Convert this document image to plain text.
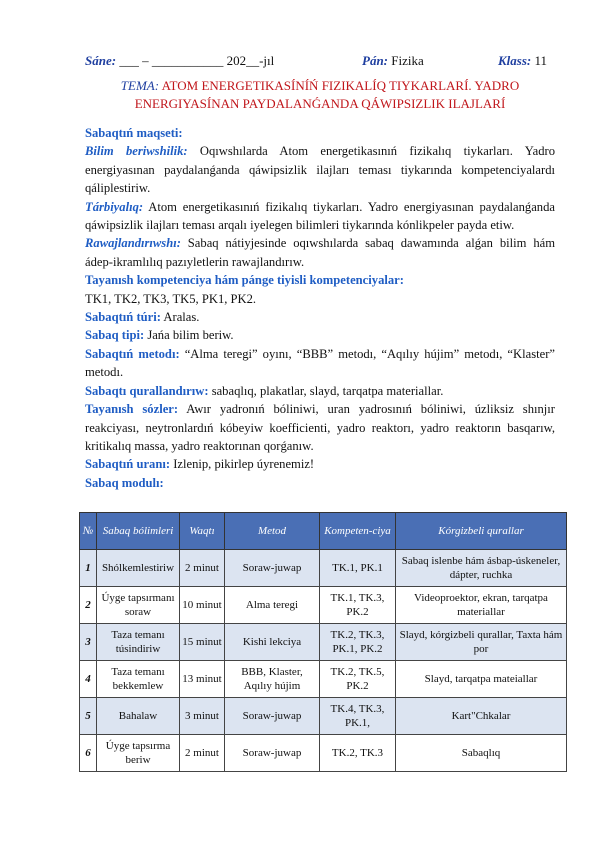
Sáne: ___ – ___________ 202__-jıl	Pán: Fizika	Klass: 11
TEMA: ATOM ENERGETIKASÍNÍŃ FIZIKALÍQ TIYKARLARÍ. YADRO ENERGIYASÍNAN PAYDALANǴANDA QÁWIPSIZLIK ILAJLARÍ

Sabaqtıń maqseti:

Bilim beriwshilik: Oqıwshılarda Atom energetikasınıń fizikalıq tiykarları. Yadro energiyasınan paydalanǵanda qáwipsizlik ilajları teması tiykarında kompetenciyalardı qáliplestiriw.

Tárbiyalıq: Atom energetikasınıń fizikalıq tiykarları. Yadro energiyasınan paydalanǵanda qáwipsizlik ilajları teması arqalı iyelegen bilimleri tiykarında kónlikpeler payda etiw.

Rawajlandırıwshı: Sabaq nátiyjesinde oqıwshılarda sabaq dawamında alǵan bilim hám ádep-ikramlılıq pazıyletlerin rawajlandırıw.

Tayanısh kompetenciya hám pánge tiyisli kompetenciyalar:

TK1, TK2, TK3, TK5, PK1, PK2.

Sabaqtıń túri: Aralas.

Sabaq tipi: Jańa bilim beriw.

Sabaqtıń metodı: “Alma teregi” oyını, “BBB” metodı, “Aqılıy hújim” metodı, “Klaster” metodı.

Sabaqtı qurallandırıw: sabaqlıq, plakatlar, slayd, tarqatpa materiallar.

Tayanısh sózler: Awır yadronıń bóliniwi, uran yadrosınıń bóliniwi, úzliksiz shınjır reakciyası, neytronlardıń kóbeyiw koefficienti, yadro reaktorı, yadro reaktorın basqarıw, kritikalıq massa, yadro reaktorınan qorǵanıw.

Sabaqtıń uranı: Izlenip, pikirlep úyrenemiz!

Sabaq modulı:

№	Sabaq bólimleri	Waqtı	Metod	Kompeten-ciya	Kórgizbeli qurallar
1	Shólkemlestiriw	2 minut	Soraw-juwap	TK.1, PK.1	Sabaq islenbe hám ásbap-úskeneler, dápter, ruchka
2	Úyge tapsırmanı soraw	10 minut	Alma teregi	TK.1, TK.3, PK.2	Videoproektor, ekran, tarqatpa materiallar
3	Taza temanı túsindiriw	15 minut	Kishi lekciya	TK.2, TK.3, PK.1, PK.2	Slayd, kórgizbeli qurallar, Taxta hám por
4	Taza temanı bekkemlew	13 minut	BBB, Klaster, Aqılıy hújim	TK.2, TK.5, PK.2	Slayd, tarqatpa mateiallar
5	Bahalaw	3 minut	Soraw-juwap	TK.4, TK.3, PK.1,	Kart"Chkalar
6	Úyge tapsırma beriw	2 minut	Soraw-juwap	TK.2, TK.3	Sabaqlıq
